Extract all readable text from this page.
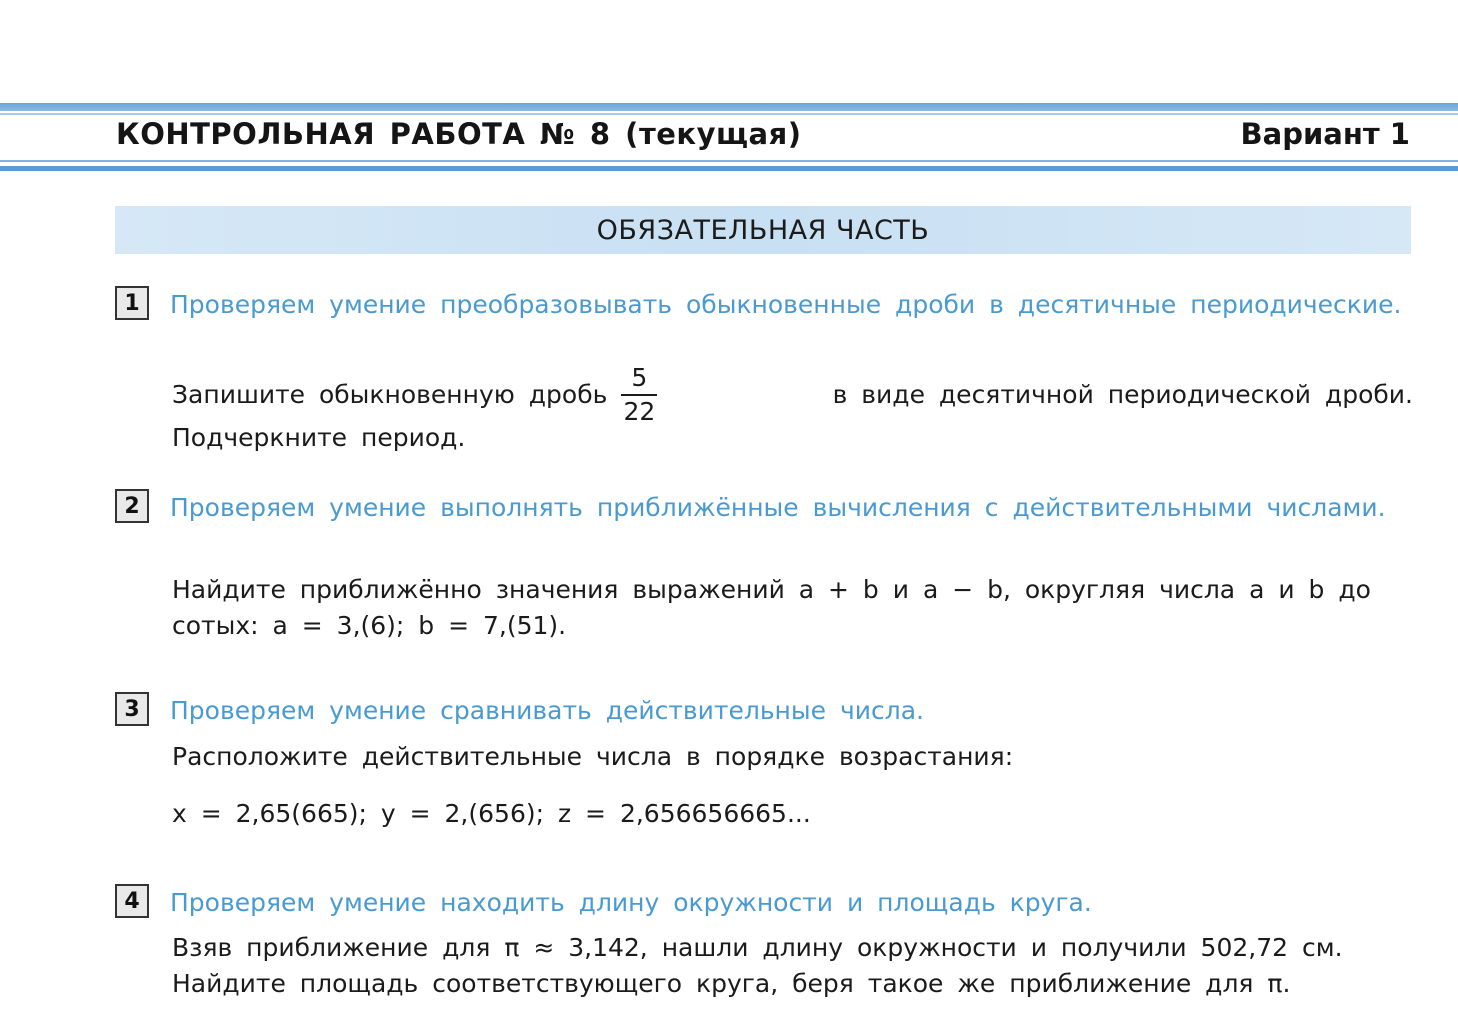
КОНТРОЛЬНАЯ РАБОТА № 8 (текущая)	Вариант 1
ОБЯЗАТЕЛЬНАЯ ЧАСТЬ
1	Проверяем умение преобразовывать обыкновенные дроби в десятичные периодические.
Запишите обыкновенную дробь $\frac{5}{22}$	в виде десятичной периодической дроби.
Подчеркните период.
2	Проверяем умение выполнять приближённые вычисления с действительными числами.
Найдите приближённо значения выражений a + b и a − b, округляя числа a и b до
сотых: a = 3,(6); b = 7,(51).
3	Проверяем умение сравнивать действительные числа.
Расположите действительные числа в порядке возрастания:
x = 2,65(665); y = 2,(656); z = 2,656656665...
4	Проверяем умение находить длину окружности и площадь круга.
Взяв приближение для π ≈ 3,142, нашли длину окружности и получили 502,72 см.
Найдите площадь соответствующего круга, беря такое же приближение для π.
